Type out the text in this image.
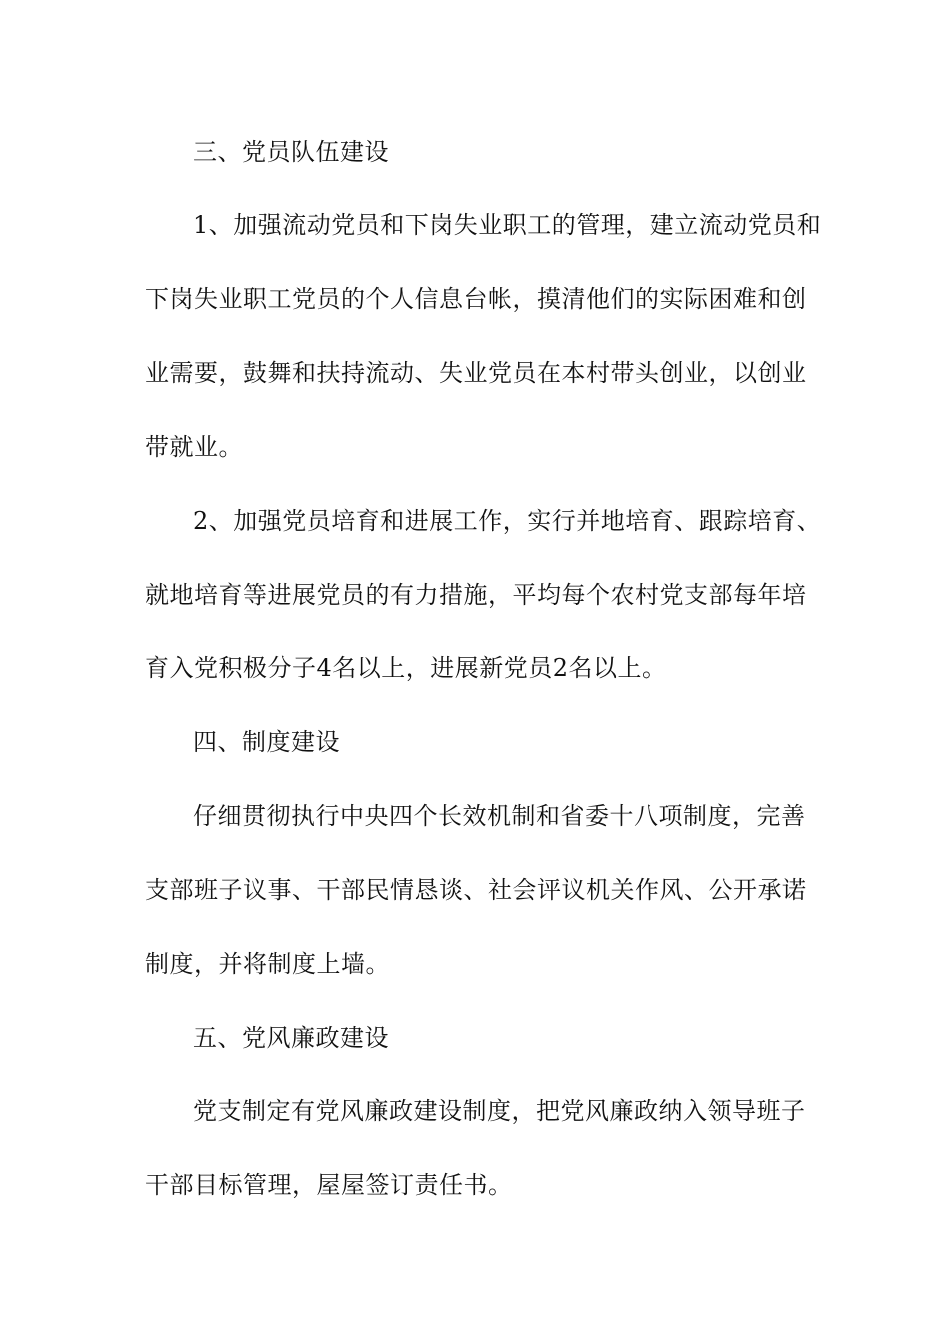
三、党员队伍建设
1、加强流动党员和下岗失业职工的管理，建立流动党员和
下岗失业职工党员的个人信息台帐，摸清他们的实际困难和创
业需要，鼓舞和扶持流动、失业党员在本村带头创业，以创业
带就业。
2、加强党员培育和进展工作，实行并地培育、跟踪培育、
就地培育等进展党员的有力措施，平均每个农村党支部每年培
育入党积极分子4名以上，进展新党员2名以上。
四、制度建设
仔细贯彻执行中央四个长效机制和省委十八项制度，完善
支部班子议事、干部民情恳谈、社会评议机关作风、公开承诺
制度，并将制度上墙。
五、党风廉政建设
党支制定有党风廉政建设制度，把党风廉政纳入领导班子
干部目标管理，屋屋签订责任书。
